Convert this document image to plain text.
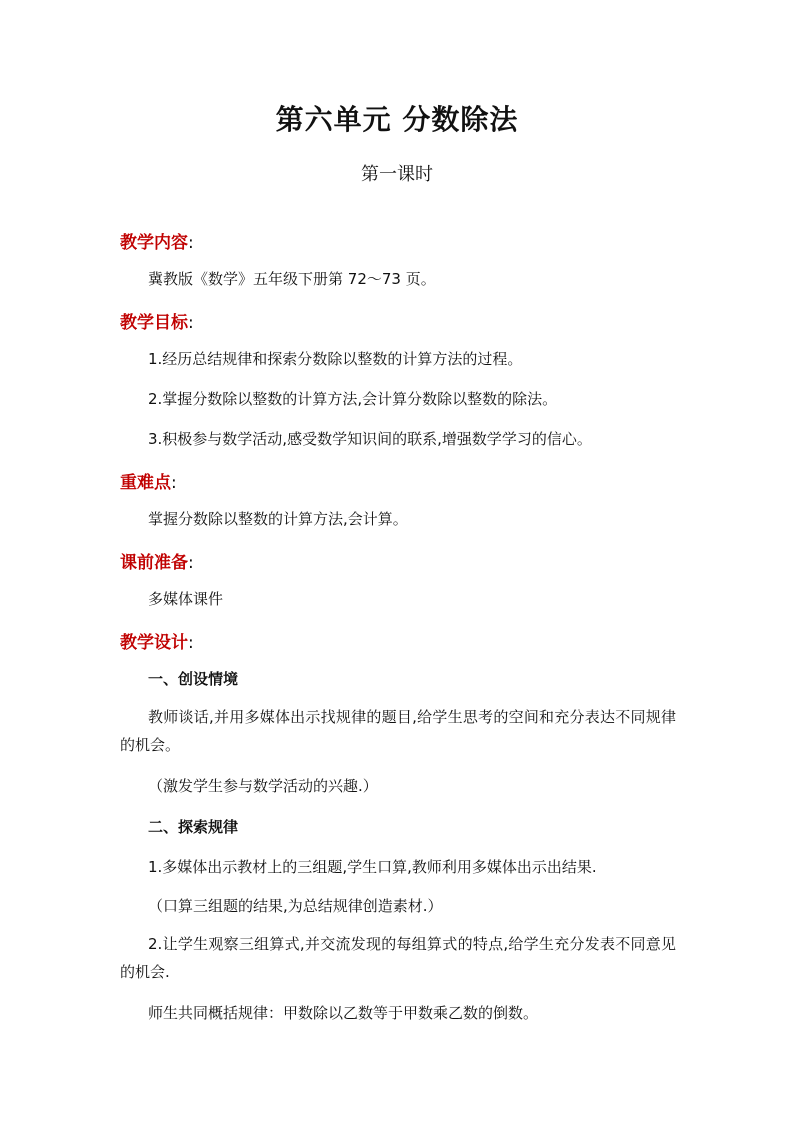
第六单元 分数除法
第一课时
教学内容:
冀教版《数学》五年级下册第 72～73 页。
教学目标:
1.经历总结规律和探索分数除以整数的计算方法的过程。
2.掌握分数除以整数的计算方法,会计算分数除以整数的除法。
3.积极参与数学活动,感受数学知识间的联系,增强数学学习的信心。
重难点:
掌握分数除以整数的计算方法,会计算。
课前准备:
多媒体课件
教学设计:
一、创设情境
教师谈话,并用多媒体出示找规律的题目,给学生思考的空间和充分表达不同规律的机会。
（激发学生参与数学活动的兴趣.）
二、探索规律
1.多媒体出示教材上的三组题,学生口算,教师利用多媒体出示出结果.
（口算三组题的结果,为总结规律创造素材.）
2.让学生观察三组算式,并交流发现的每组算式的特点,给学生充分发表不同意见的机会.
师生共同概括规律：甲数除以乙数等于甲数乘乙数的倒数。
